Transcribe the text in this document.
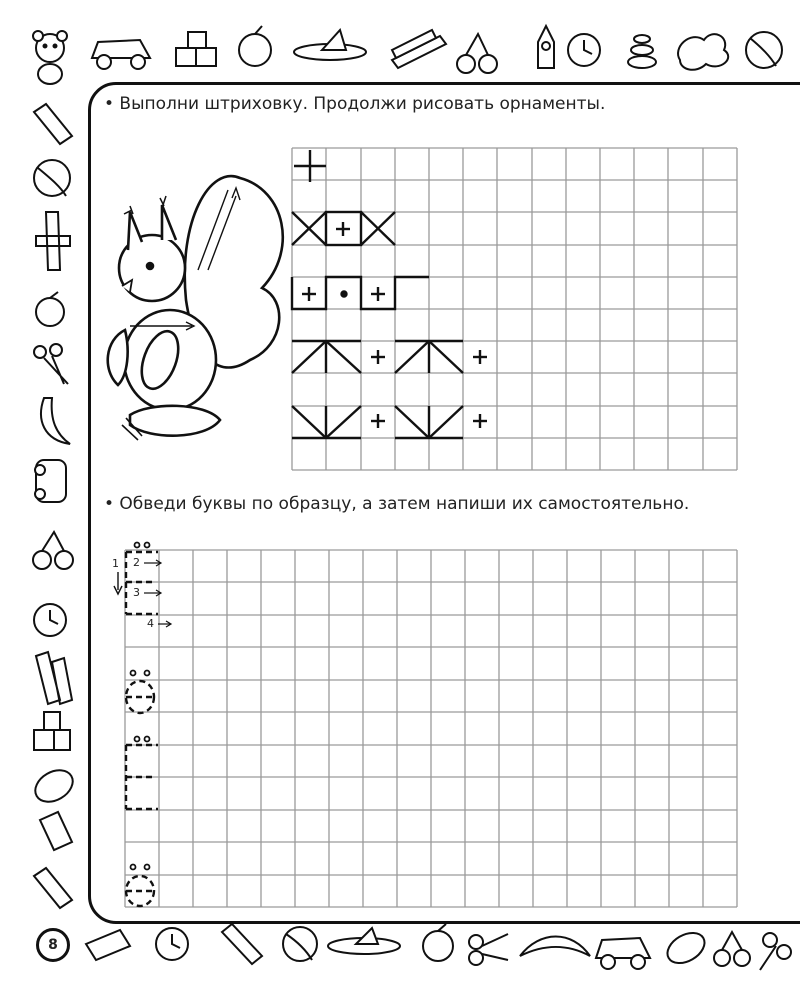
• Выполни штриховку. Продолжи рисовать орнаменты.

• Обведи буквы по образцу, а затем напиши их самостоятельно.

8
1 2
3
4
